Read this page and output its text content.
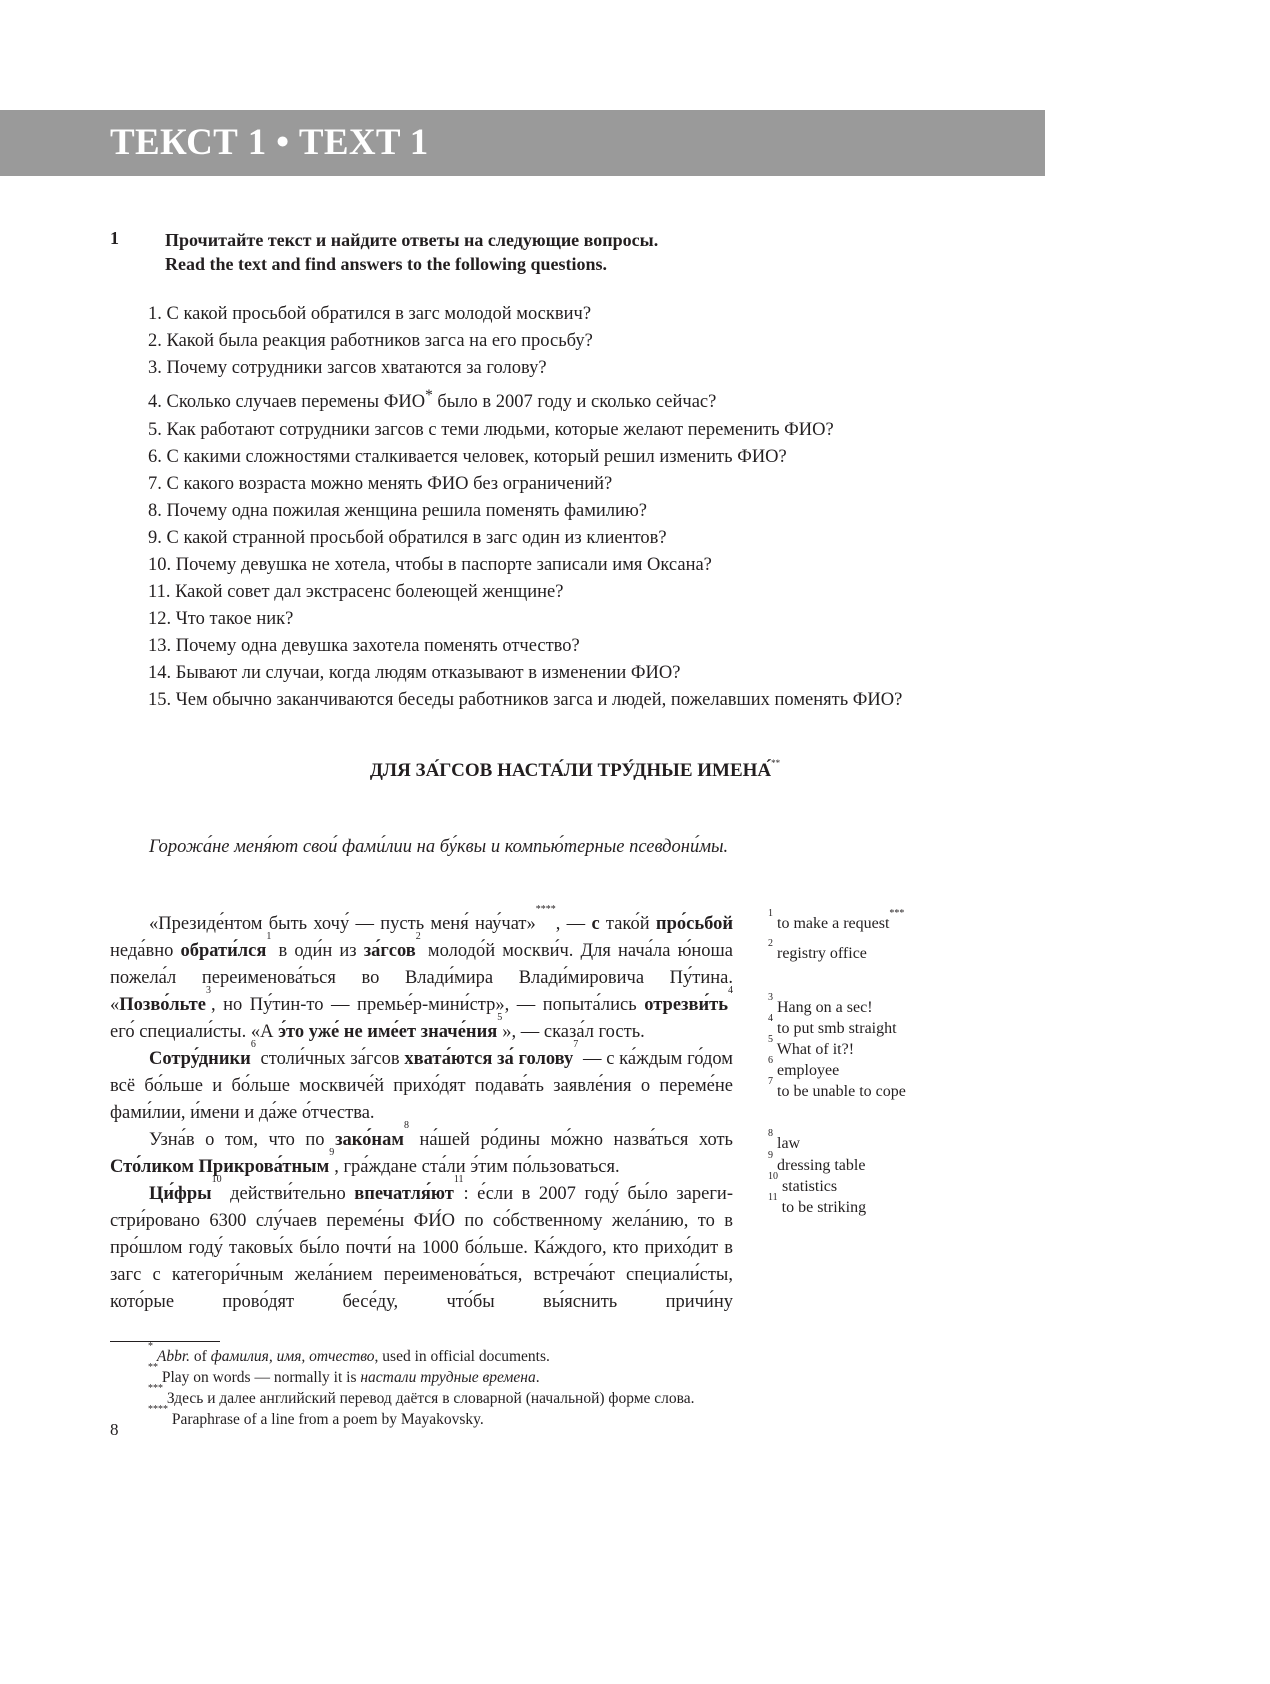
ТЕКСТ 1 • TEXT 1
1	Прочитайте текст и найдите ответы на следующие вопросы.
Read the text and find answers to the following questions.
1. С какой просьбой обратился в загс молодой москвич?
2. Какой была реакция работников загса на его просьбу?
3. Почему сотрудники загсов хватаются за голову?
4. Сколько случаев перемены ФИО* было в 2007 году и сколько сейчас?
5. Как работают сотрудники загсов с теми людьми, которые желают переменить ФИО?
6. С какими сложностями сталкивается человек, который решил изменить ФИО?
7. С какого возраста можно менять ФИО без ограничений?
8. Почему одна пожилая женщина решила поменять фамилию?
9. С какой странной просьбой обратился в загс один из клиентов?
10. Почему девушка не хотела, чтобы в паспорте записали имя Оксана?
11. Какой совет дал экстрасенс болеющей женщине?
12. Что такое ник?
13. Почему одна девушка захотела поменять отчество?
14. Бывают ли случаи, когда людям отказывают в изменении ФИО?
15. Чем обычно заканчиваются беседы работников загса и людей, пожелавших поменять ФИО?
ДЛЯ ЗА́ГСОВ НАСТА́ЛИ ТРУ́ДНЫЕ ИМЕНА́**

Горожа́не меня́ют свои́ фами́лии на бу́квы и компью́терные псевдони́мы.

«Президе́нтом быть хочу́ — пусть меня́ нау́чат»****, — с тако́й про́сьбой неда́вно обрати́лся$^1$ в оди́н из за́гсов$^2$ молодо́й москви́ч. Для нача́ла ю́ноша пожела́л переименова́ться во Влади́мира Влади́мировича Пу́тина. «Позво́льте$^3$, но Пу́тин-то — премье́р-мини́стр», — попыта́лись $отрезви́ть^4$ его́ специали́сты. «А э́то уже́ не име́ет значе́ния$^5$», — сказа́л гость.

Сотру́дники$^6$ столи́чных за́гсов хвата́ются за́ голову$^7$ — с ка́ждым го́дом всё бо́льше и бо́льше москвиче́й прихо́дят подава́ть заявле́ния о переме́не фами́лии, и́мени и да́же о́тчества.

Узна́в о том, что по зако́нам$^8$ на́шей ро́дины мо́жно назва́ться хоть Сто́ликом Прикрова́тным$^9$, гра́ждане ста́ли э́тим по́льзоваться.

Ци́фры$^{10}$ действи́тельно $впечатля́ют^{11}$: е́сли в 2007 году́ бы́ло зарегистри́ровано 6300 слу́чаев переме́ны ФИ́О по со́бственному жела́нию, то в про́шлом году́ таковы́х бы́ло почти́ на 1000 бо́льше. Ка́ждого, кто прихо́дит в загс с категори́чным жела́нием переименова́ться, встреча́ют специали́сты, кото́рые прово́дят бесе́ду, что́бы вы́яснить причи́ну

$^1$ to make a request***
$^2$ registry office
$^3$ Hang on a sec!
$^4$ to put smb straight
$^5$ What of it?!
$^6$ employee
$^7$ to be unable to cope
$^8$ law
$^9$ dressing table
$^{10}$ statistics
$^{11}$ to be striking
* Abbr. of фамилия, имя, отчество, used in official documents.
** Play on words — normally it is настали трудные времена.
*** Здесь и далее английский перевод даётся в словарной (начальной) форме слова.
**** Paraphrase of a line from a poem by Mayakovsky.
8
